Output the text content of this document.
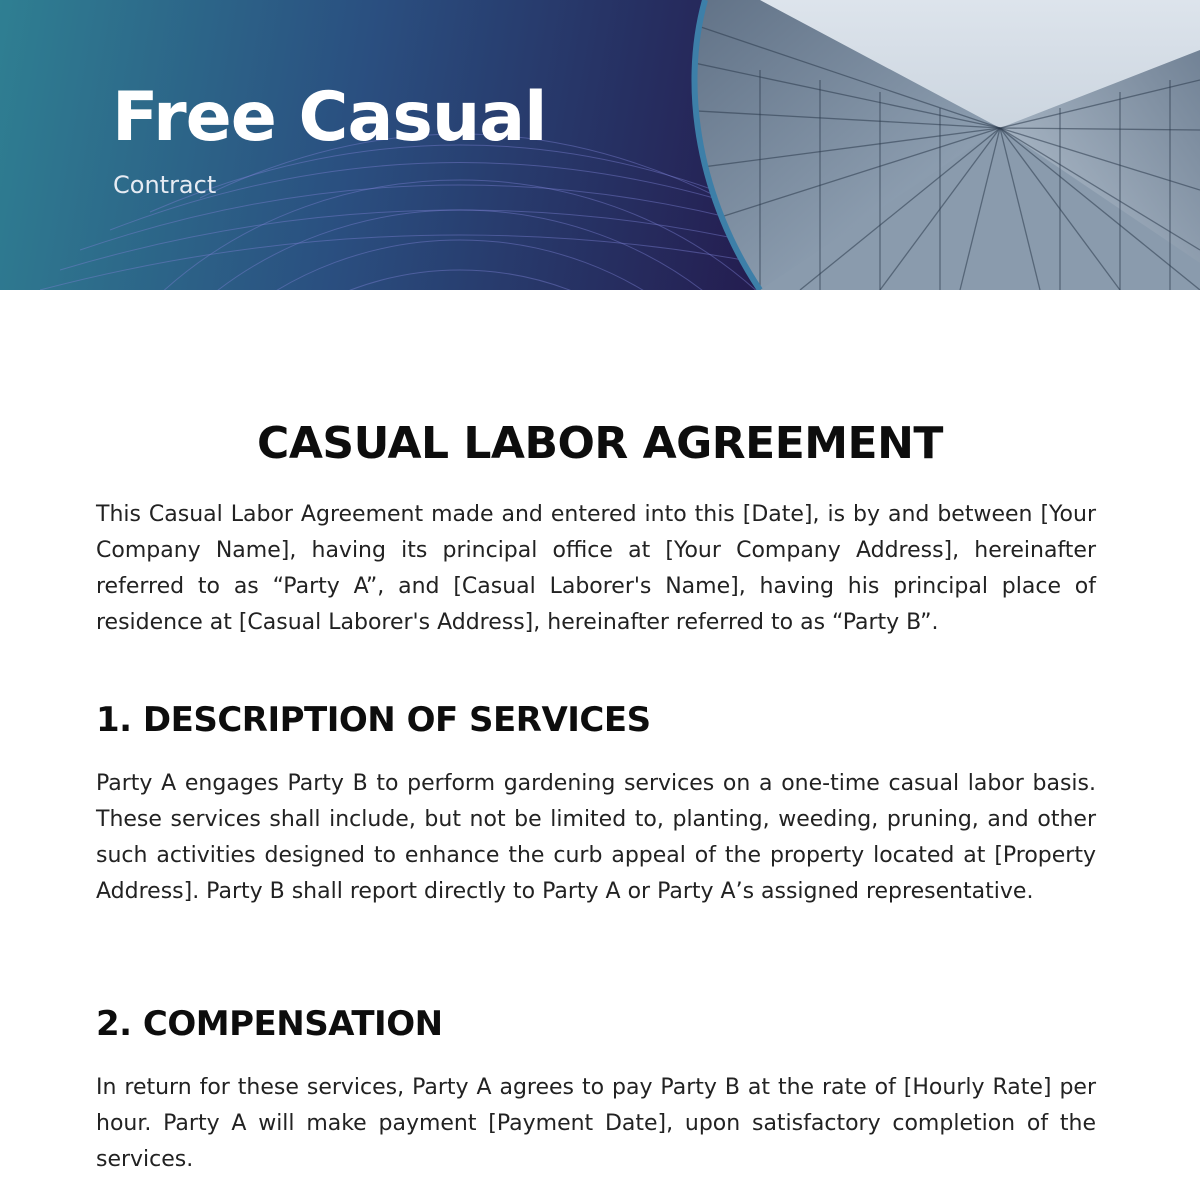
Free Casual

Contract

CASUAL LABOR AGREEMENT

This Casual Labor Agreement made and entered into this [Date], is by and between [Your Company Name], having its principal office at [Your Company Address], hereinafter referred to as “Party A”, and [Casual Laborer's Name], having his principal place of residence at [Casual Laborer's Address], hereinafter referred to as “Party B”.

1. DESCRIPTION OF SERVICES

Party A engages Party B to perform gardening services on a one-time casual labor basis. These services shall include, but not be limited to, planting, weeding, pruning, and other such activities designed to enhance the curb appeal of the property located at [Property Address]. Party B shall report directly to Party A or Party A’s assigned representative.

2. COMPENSATION

In return for these services, Party A agrees to pay Party B at the rate of [Hourly Rate] per hour. Party A will make payment [Payment Date], upon satisfactory completion of the services.
